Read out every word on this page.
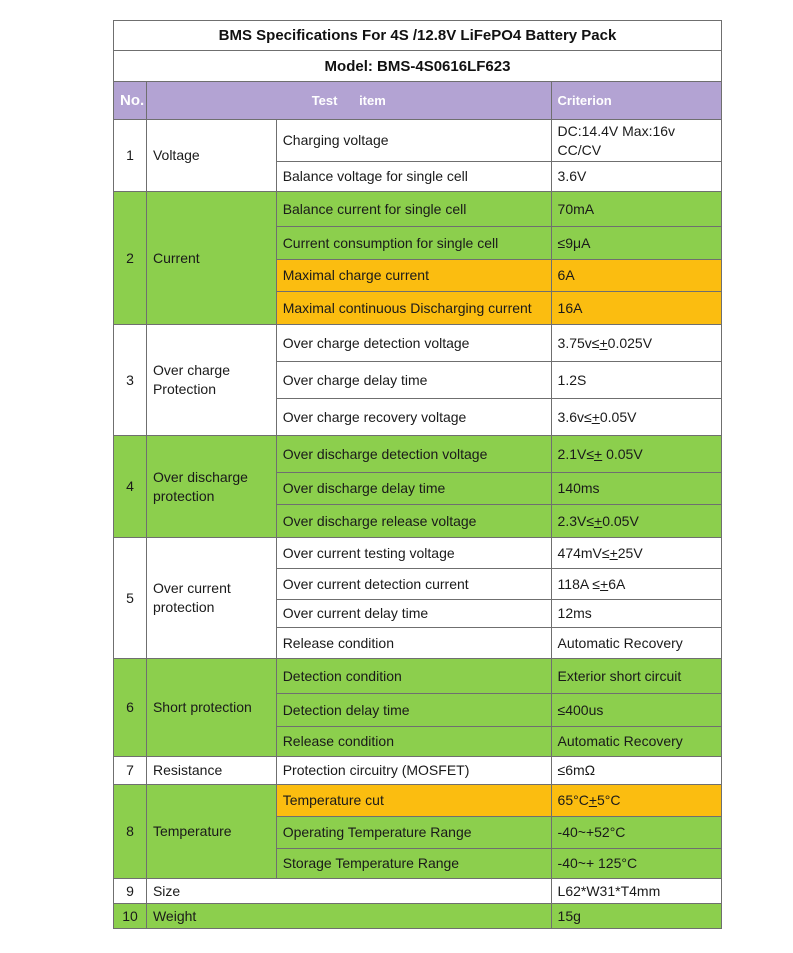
BMS Specifications For 4S /12.8V LiFePO4 Battery Pack			
Model: BMS-4S0616LF623			
No.	Test item		Criterion
1	Voltage	Charging voltage	DC:14.4V Max:16v CC/CV
		Balance voltage for single cell	3.6V
2	Current	Balance current for single cell	70mA
		Current consumption for single cell	≤9μA
		Maximal charge current	6A
		Maximal continuous Discharging current	16A
3	Over charge Protection	Over charge detection voltage	3.75v≤+0.025V
		Over charge delay time	1.2S
		Over charge recovery voltage	3.6v≤+0.05V
4	Over discharge protection	Over discharge detection voltage	2.1V≤+ 0.05V
		Over discharge delay time	140ms
		Over discharge release voltage	2.3V≤+0.05V
5	Over current protection	Over current testing voltage	474mV≤+25V
		Over current detection current	118A ≤+6A
		Over current delay time	12ms
		Release condition	Automatic Recovery
6	Short protection	Detection condition	Exterior short circuit
		Detection delay time	≤400us
		Release condition	Automatic Recovery
7	Resistance	Protection circuitry (MOSFET)	≤6mΩ
8	Temperature	Temperature cut	65°C+5°C
		Operating Temperature Range	-40~+52°C
		Storage Temperature Range	-40~+ 125°C
9	Size		L62*W31*T4mm
10	Weight		15g
